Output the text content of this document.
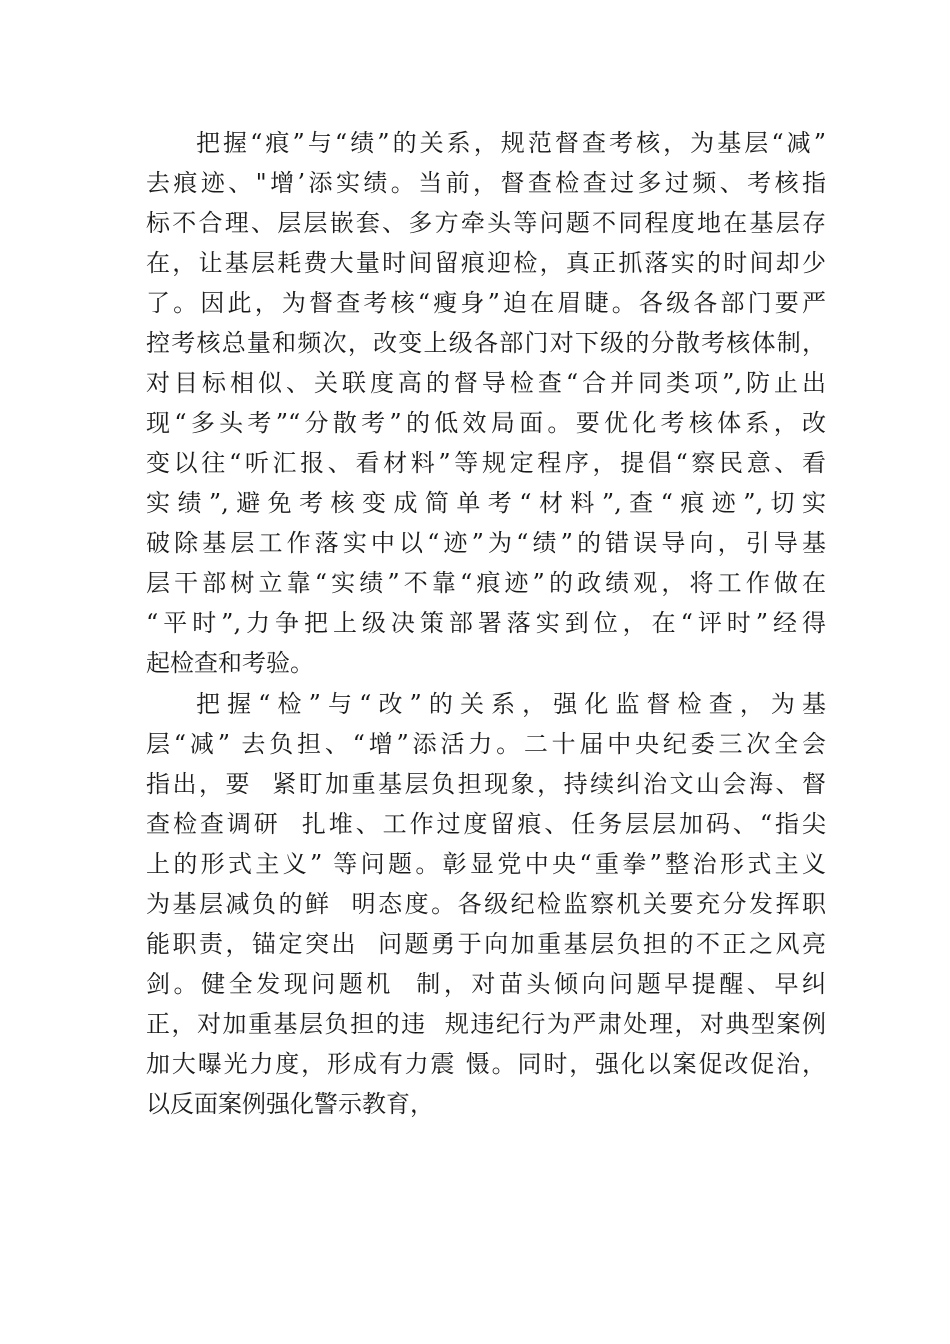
把握“痕”与“绩”的关系，规范督查考核，为基层“减”
去痕迹、"增’添实绩。当前，督查检查过多过频、考核指
标不合理、层层嵌套、多方牵头等问题不同程度地在基层存
在，让基层耗费大量时间留痕迎检，真正抓落实的时间却少
了。因此，为督查考核“瘦身”迫在眉睫。各级各部门要严
控考核总量和频次，改变上级各部门对下级的分散考核体制，
对目标相似、关联度高的督导检查“合并同类项”,防止出
现“多头考”“分散考”的低效局面。要优化考核体系，改
变以往“听汇报、看材料”等规定程序，提倡“察民意、看
实绩”,避免考核变成简单考“材料”,查“痕迹”,切实
破除基层工作落实中以“迹”为“绩”的错误导向，引导基
层干部树立靠“实绩”不靠“痕迹”的政绩观，将工作做在
“平时”,力争把上级决策部署落实到位，在“评时”经得
起检查和考验。

把握“检”与“改”的关系，强化监督检查，为基
层“减” 去负担、“增”添活力。二十届中央纪委三次全会
指出，要  紧盯加重基层负担现象，持续纠治文山会海、督
查检查调研  扎堆、工作过度留痕、任务层层加码、“指尖
上的形式主义” 等问题。彰显党中央“重拳”整治形式主义
为基层减负的鲜  明态度。各级纪检监察机关要充分发挥职
能职责，锚定突出  问题勇于向加重基层负担的不正之风亮
剑。健全发现问题机  制，对苗头倾向问题早提醒、早纠
正，对加重基层负担的违  规违纪行为严肃处理，对典型案例
加大曝光力度，形成有力震 慑。同时，强化以案促改促治，
以反面案例强化警示教育，
